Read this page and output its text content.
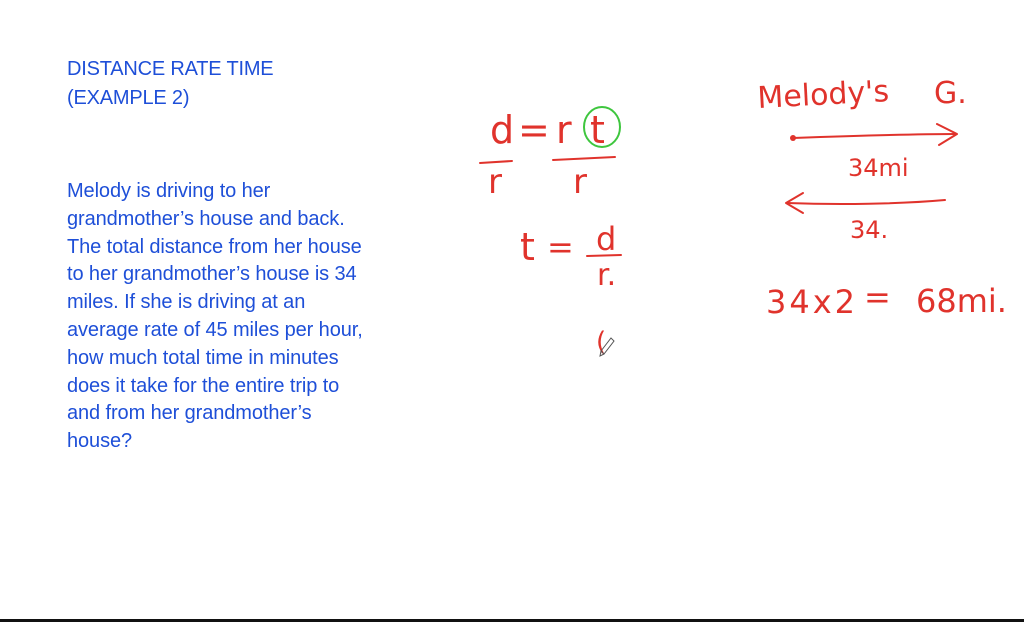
DISTANCE RATE TIME
(EXAMPLE 2)
Melody is driving to her
grandmother’s house and back.
The total distance from her house
to her grandmother’s house is 34
miles. If she is driving at an
average rate of 45 miles per hour,
how much total time in minutes
does it take for the entire trip to
and from her grandmother’s
house?
d = r t
r r
t = d
r.
(
Melody's G.
34mi
34.
34x2 = 68mi.
